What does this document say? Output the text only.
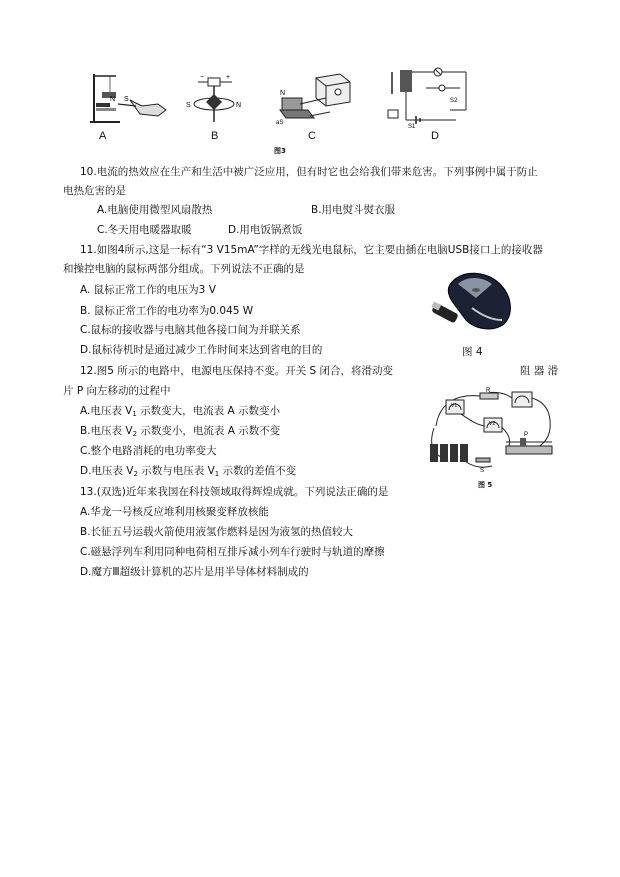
N S
−	+
S	N
N
aS
S2
S1
A	B	C	D
图3
10.电流的热效应在生产和生活中被广泛应用，但有时它也会给我们带来危害。下列事例中属于防止
电热危害的是
A.电脑使用微型风扇散热	B.用电熨斗熨衣服
C.冬天用电暖器取暖	D.用电饭锅煮饭
11.如图4所示,这是一标有“3 V15mA”字样的无线光电鼠标，它主要由插在电脑USB接口上的接收器
和操控电脑的鼠标两部分组成。下列说法不正确的是
A. 鼠标正常工作的电压为3 V
B. 鼠标正常工作的电功率为0.045 W
C.鼠标的接收器与电脑其他各接口间为并联关系
D.鼠标待机时是通过减少工作时间来达到省电的目的	图 4
12.图5 所示的电路中，电源电压保持不变。开关 S 闭合，将滑动变	阻 器 滑
片 P 向左移动的过程中
A.电压表 $V_1$ 示数变大，电流表 A 示数变小
B.电压表 $V_2$ 示数变小，电流表 A 示数不变
C.整个电路消耗的电功率变大
D.电压表 $V_2$ 示数与电压表 $V_1$ 示数的差值不变
R
V1
V2
S
P
图 5
13.(双选)近年来我国在科技领域取得辉煌成就。下列说法正确的是
A.华龙一号核反应堆利用核聚变释放核能
B.长征五号运载火箭使用液氢作燃料是因为液氢的热值较大
C.磁悬浮列车利用同种电荷相互排斥减小列车行驶时与轨道的摩擦
D.魔方Ⅲ超级计算机的芯片是用半导体材料制成的
